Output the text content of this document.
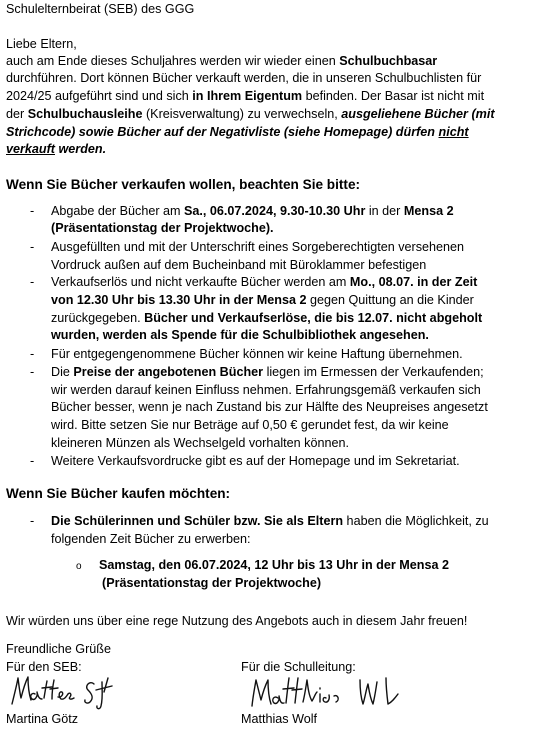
Schulelternbeirat (SEB) des GGG
Liebe Eltern,
auch am Ende dieses Schuljahres werden wir wieder einen Schulbuchbasar
durchführen. Dort können Bücher verkauft werden, die in unseren Schulbuchlisten für
2024/25 aufgeführt sind und sich in Ihrem Eigentum befinden. Der Basar ist nicht mit
der Schulbuchausleihe (Kreisverwaltung) zu verwechseln, ausgeliehene Bücher (mit
Strichcode) sowie Bücher auf der Negativliste (siehe Homepage) dürfen nicht
verkauft werden.
Wenn Sie Bücher verkaufen wollen, beachten Sie bitte:
- Abgabe der Bücher am Sa., 06.07.2024, 9.30-10.30 Uhr in der Mensa 2
(Präsentationstag der Projektwoche).
- Ausgefüllten und mit der Unterschrift eines Sorgeberechtigten versehenen
Vordruck außen auf dem Bucheinband mit Büroklammer befestigen
- Verkaufserlös und nicht verkaufte Bücher werden am Mo., 08.07. in der Zeit
von 12.30 Uhr bis 13.30 Uhr in der Mensa 2 gegen Quittung an die Kinder
zurückgegeben. Bücher und Verkaufserlöse, die bis 12.07. nicht abgeholt
wurden, werden als Spende für die Schulbibliothek angesehen.
- Für entgegengenommene Bücher können wir keine Haftung übernehmen.
- Die Preise der angebotenen Bücher liegen im Ermessen der Verkaufenden;
wir werden darauf keinen Einfluss nehmen. Erfahrungsgemäß verkaufen sich
Bücher besser, wenn je nach Zustand bis zur Hälfte des Neupreises angesetzt
wird. Bitte setzen Sie nur Beträge auf 0,50 € gerundet fest, da wir keine
kleineren Münzen als Wechselgeld vorhalten können.
- Weitere Verkaufsvordrucke gibt es auf der Homepage und im Sekretariat.
Wenn Sie Bücher kaufen möchten:
- Die Schülerinnen und Schüler bzw. Sie als Eltern haben die Möglichkeit, zu
folgenden Zeit Bücher zu erwerben:
o Samstag, den 06.07.2024, 12 Uhr bis 13 Uhr in der Mensa 2
(Präsentationstag der Projektwoche)
Wir würden uns über eine rege Nutzung des Angebots auch in diesem Jahr freuen!
Freundliche Grüße
Für den SEB:	Für die Schulleitung:
Martina Götz	Matthias Wolf
